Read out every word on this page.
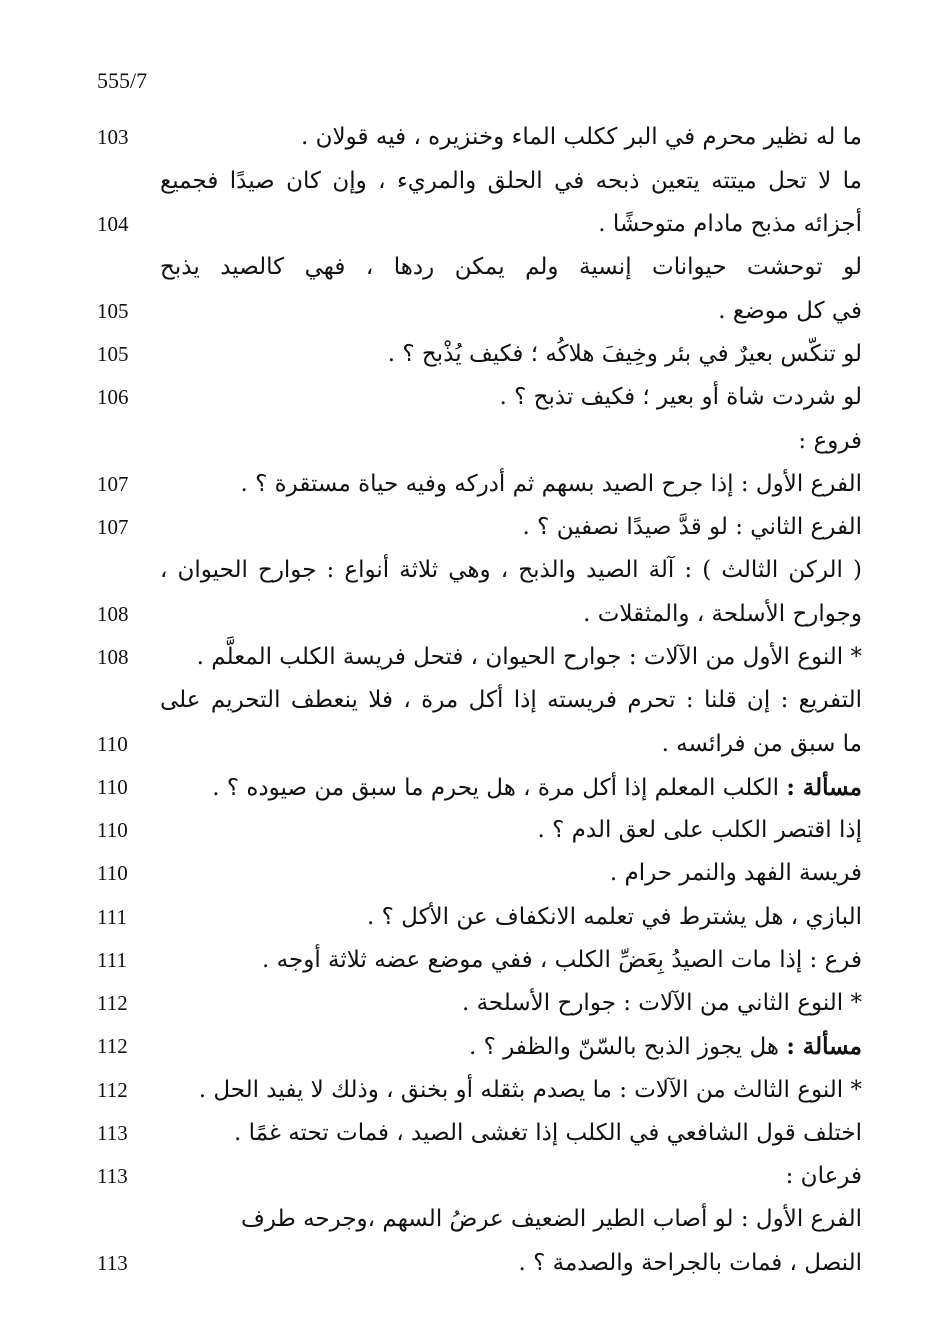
555/7
ما له نظير محرم في البر ككلب الماء وخنزيره ، فيه قولان .
103
ما لا تحل ميتته يتعين ذبحه في الحلق والمريء ، وإن كان صيدًا فجميع
أجزائه مذبح مادام متوحشًا .
104
لو توحشت حيوانات إنسية ولم يمكن ردها ، فهي كالصيد يذبح
في كل موضع .
105
لو تنكّس بعيرٌ في بئر وخِيفَ هلاكُه ؛ فكيف يُذْبح ؟ .
105
لو شردت شاة أو بعير ؛ فكيف تذبح ؟ .
106
فروع :
الفرع الأول : إذا جرح الصيد بسهم ثم أدركه وفيه حياة مستقرة ؟ .
107
الفرع الثاني : لو قدَّ صيدًا نصفين ؟ .
107
( الركن الثالث ) : آلة الصيد والذبح ، وهي ثلاثة أنواع : جوارح الحيوان ،
وجوارح الأسلحة ، والمثقلات .
108
* النوع الأول من الآلات : جوارح الحيوان ، فتحل فريسة الكلب المعلَّم .
108
التفريع : إن قلنا : تحرم فريسته إذا أكل مرة ، فلا ينعطف التحريم على
ما سبق من فرائسه .
110
مسألة : الكلب المعلم إذا أكل مرة ، هل يحرم ما سبق من صيوده ؟ .
110
إذا اقتصر الكلب على لعق الدم ؟ .
110
فريسة الفهد والنمر حرام .
110
البازي ، هل يشترط في تعلمه الانكفاف عن الأكل ؟ .
111
فرع : إذا مات الصيدُ بِعَضِّ الكلب ، ففي موضع عضه ثلاثة أوجه .
111
* النوع الثاني من الآلات : جوارح الأسلحة .
112
مسألة : هل يجوز الذبح بالسّنّ والظفر ؟ .
112
* النوع الثالث من الآلات : ما يصدم بثقله أو بخنق ، وذلك لا يفيد الحل .
112
اختلف قول الشافعي في الكلب إذا تغشى الصيد ، فمات تحته غمًا .
113
فرعان :
113
الفرع الأول : لو أصاب الطير الضعيف عرضُ السهم ،وجرحه طرف
النصل ، فمات بالجراحة والصدمة ؟ .
113
